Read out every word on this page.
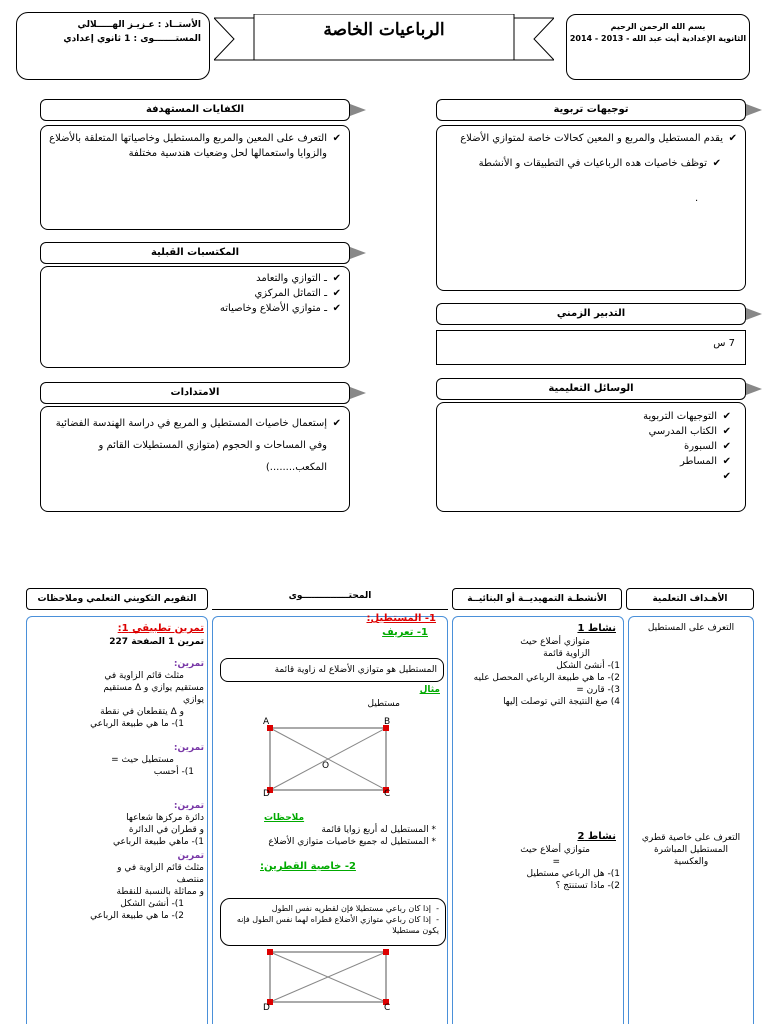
بسم الله الرحمن الرحيم
الثانوية الإعدادية أيت عبد الله - 2013 - 2014
الرباعيات الخاصة
الأستــاذ : عـزيـز الهـــــلالي
المستـــــــوى : 1 ثانوي إعدادي
الكفايات المستهدفة
✔ التعرف على المعين والمربع والمستطيل وخاصياتها المتعلقة بالأضلاع والزوايا واستعمالها لحل وضعيات هندسية مختلفة
توجيهات تربوية
✔ يقدم المستطيل والمربع و المعين كحالات خاصة لمتوازي الأضلاع
✔ توظف خاصيات هده الرباعيات في التطبيقات و الأنشطة
.
المكتسبات القبلية
✔ ـ التوازي والتعامد
✔ ـ التماثل المركزي
✔ ـ متوازي الأضلاع وخاصياته	التدبير الزمني
7 س
الامتدادات
✔
إستعمال خاصيات المستطيل و المربع في دراسة الهندسة الفضائية
وفي المساحات و الحجوم (متوازي المستطيلات القائم و
المكعب........)
الوسائل التعليمية
✔ التوجيهات التربوية
✔ الكتاب المدرسي
✔ السبورة
✔ المساطر
الأهـداف التعلمية
الأنشطـة التمهيديــة أو البنائيــة
المحتـــــــــــــــوى
التقويم التكويني التعلمي وملاحظات
التعرف على المستطيل
التعرف على خاصية قطري المستطيل المباشرة والعكسية
نشاط 1
متوازي أضلاع حيث
الزاوية قائمة
1)- أنشئ الشكل
2)- ما هي طبيعة الرباعي المحصل عليه
3)- قارن =
4) صغ النتيجة التي توصلت إليها
نشاط 2
متوازي أضلاع حيث
=
1)- هل الرباعي مستطيل
2)- ماذا تستنتج ؟
1- المستطيل:
1- تعريف
المستطيل هو متوازي الأضلاع له زاوية قائمة
مثال
مستطيل
A	B
C
D
O
ملاحظات
* المستطيل له أربع زوايا قائمة
* المستطيل له جميع خاصيات متوازي الأضلاع
2- خاصية القطرين:
-  إذا كان رباعي مستطيلا فإن لقطريه نفس الطول
-  إذا كان رباعي متوازي الأضلاع قطراه لهما نفس الطول فإنه يكون مستطيلا
D	C
تمرين تطبيقي 1:
تمرين 1 الصفحة 227
تمرين:
مثلث قائم الزاوية في
مستقيم يوازي و Δ مستقيم
يوازي
و Δ يتقطعان في نقطة
1)- ما هي طبيعة الرباعي
تمرين:
مستطيل حيث =
1)- أحسب
تمرين:
دائرة مركزها شعاعها
و قطران في الدائرة
1)- ماهي طبيعة الرباعي
تمرين
مثلث قائم الزاوية في و
منتصف
و مماثلة بالنسبة للنقطة
1)- أنشئ الشكل
2)- ما هي طبيعة الرباعي
